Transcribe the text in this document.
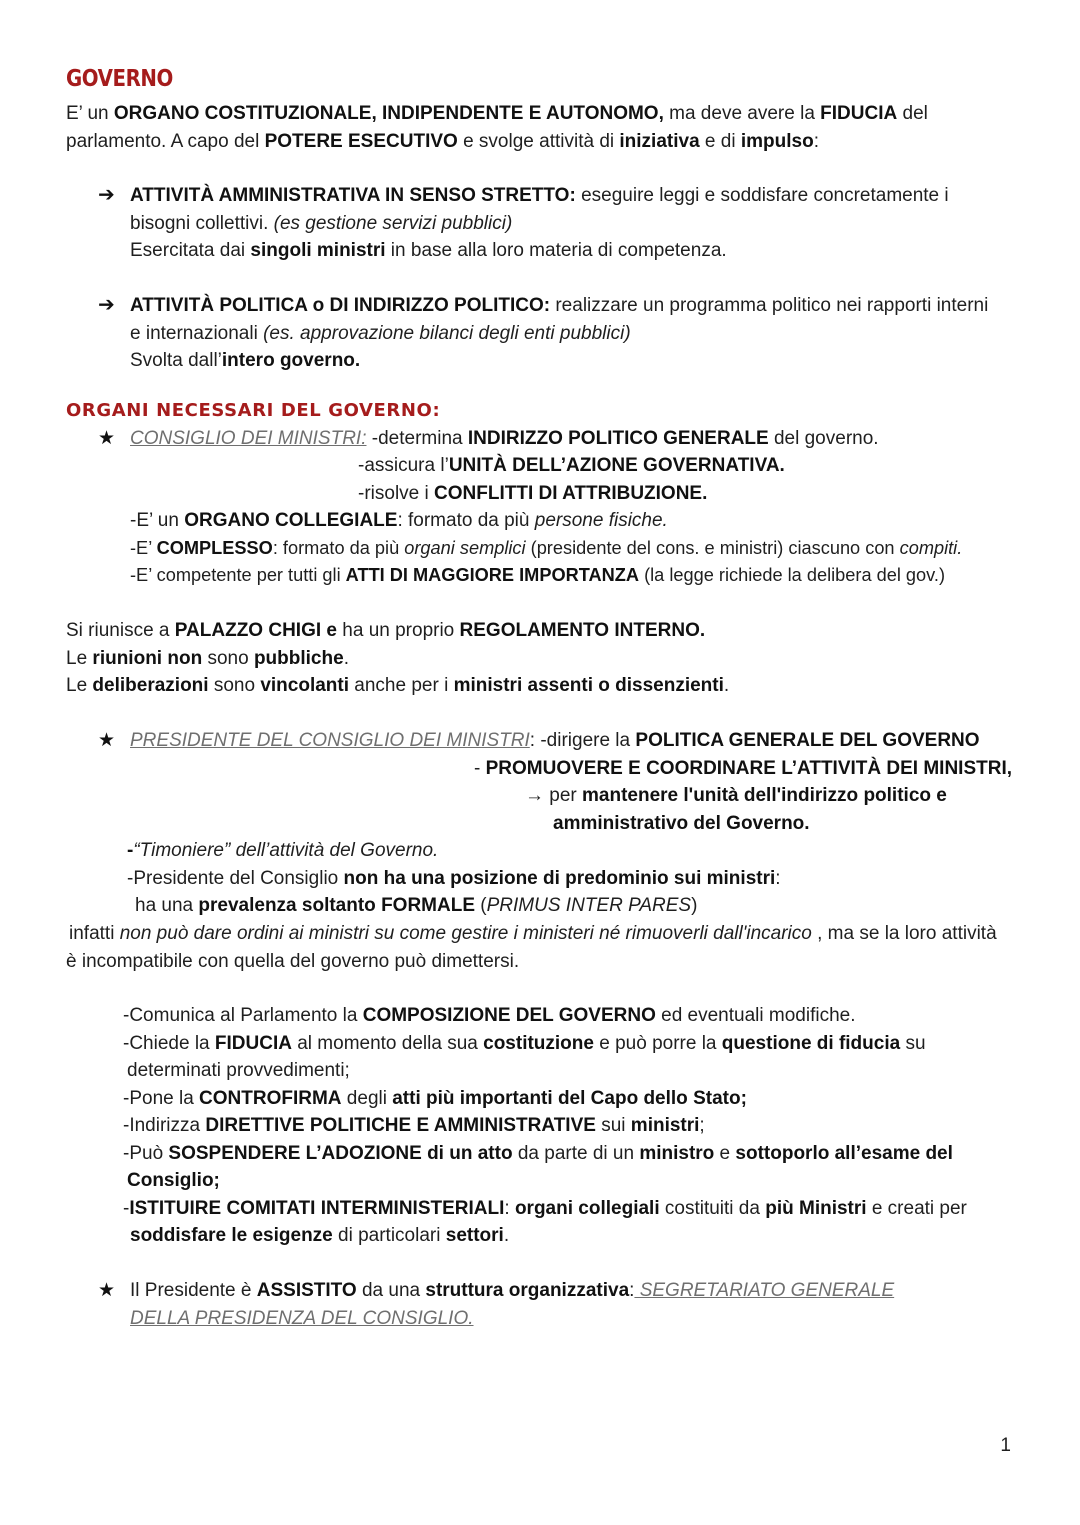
GOVERNO

E’ un ORGANO COSTITUZIONALE, INDIPENDENTE E AUTONOMO, ma deve avere la FIDUCIA del parlamento. A capo del POTERE ESECUTIVO e svolge attività di iniziativa e di impulso:

➔ ATTIVITÀ AMMINISTRATIVA IN SENSO STRETTO: eseguire leggi e soddisfare concretamente i bisogni collettivi. (es gestione servizi pubblici)

Esercitata dai singoli ministri in base alla loro materia di competenza.

➔ ATTIVITÀ POLITICA o DI INDIRIZZO POLITICO: realizzare un programma politico nei rapporti interni e internazionali (es. approvazione bilanci degli enti pubblici)

Svolta dall’intero governo.

ORGANI NECESSARI DEL GOVERNO:
★ CONSIGLIO DEI MINISTRI: -determina INDIRIZZO POLITICO GENERALE del governo.

-assicura l’UNITÀ DELL’AZIONE GOVERNATIVA.

-risolve i CONFLITTI DI ATTRIBUZIONE.

-E’ un ORGANO COLLEGIALE: formato da più persone fisiche.

-E’ COMPLESSO: formato da più organi semplici (presidente del cons. e ministri) ciascuno con compiti.

-E’ competente per tutti gli ATTI DI MAGGIORE IMPORTANZA (la legge richiede la delibera del gov.)

Si riunisce a PALAZZO CHIGI e ha un proprio REGOLAMENTO INTERNO.

Le riunioni non sono pubbliche.

Le deliberazioni sono vincolanti anche per i ministri assenti o dissenzienti.

★ PRESIDENTE DEL CONSIGLIO DEI MINISTRI: -dirigere la POLITICA GENERALE DEL GOVERNO

- PROMUOVERE E COORDINARE L’ATTIVITÀ DEI MINISTRI,

→ per mantenere l'unità dell'indirizzo politico e

amministrativo del Governo.

-“Timoniere” dell’attività del Governo.

-Presidente del Consiglio non ha una posizione di predominio sui ministri:

ha una prevalenza soltanto FORMALE (PRIMUS INTER PARES)

infatti non può dare ordini ai ministri su come gestire i ministeri né rimuoverli dall'incarico , ma se la loro attività è incompatibile con quella del governo può dimettersi.

-Comunica al Parlamento la COMPOSIZIONE DEL GOVERNO ed eventuali modifiche.

-Chiede la FIDUCIA al momento della sua costituzione e può porre la questione di fiducia su determinati provvedimenti;

-Pone la CONTROFIRMA degli atti più importanti del Capo dello Stato;

-Indirizza DIRETTIVE POLITICHE E AMMINISTRATIVE sui ministri;

-Può SOSPENDERE L’ADOZIONE di un atto da parte di un ministro e sottoporlo all’esame del Consiglio;

-ISTITUIRE COMITATI INTERMINISTERIALI: organi collegiali costituiti da più Ministri e creati per soddisfare le esigenze di particolari settori.

★ Il Presidente è ASSISTITO da una struttura organizzativa: SEGRETARIATO GENERALE DELLA PRESIDENZA DEL CONSIGLIO.

1
